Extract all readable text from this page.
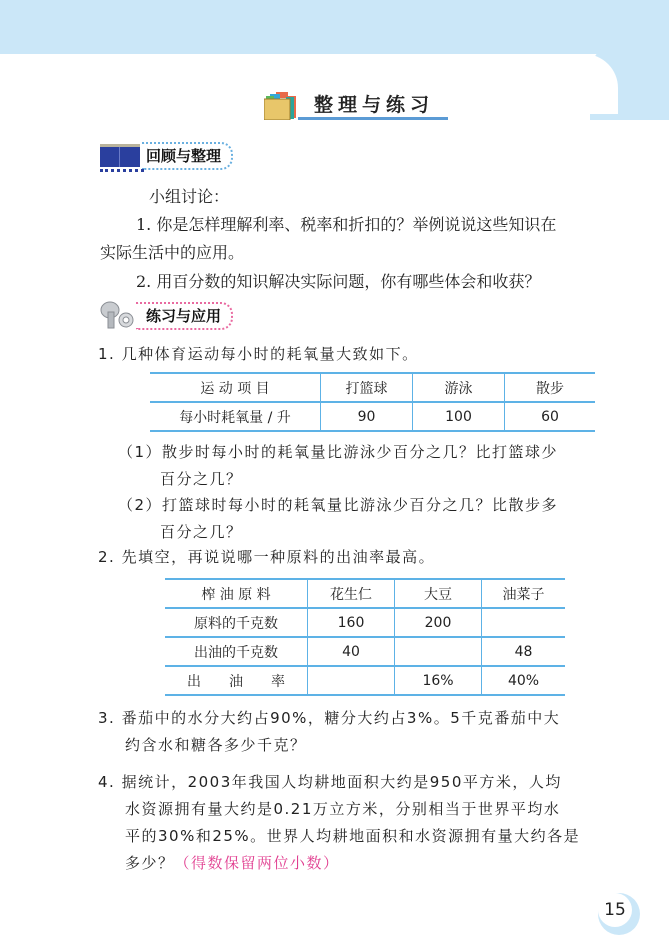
整理与练习
回顾与整理
小组讨论：
1. 你是怎样理解利率、税率和折扣的？举例说说这些知识在
实际生活中的应用。
2. 用百分数的知识解决实际问题，你有哪些体会和收获？
练习与应用
1. 几种体育运动每小时的耗氧量大致如下。
运 动 项 目	打篮球	游泳	散步
每小时耗氧量 / 升	90	100	60
（1）散步时每小时的耗氧量比游泳少百分之几？比打篮球少
百分之几？
（2）打篮球时每小时的耗氧量比游泳少百分之几？比散步多
百分之几？
2. 先填空，再说说哪一种原料的出油率最高。
榨 油 原 料	花生仁	大豆	油菜子
原料的千克数	160	200	
出油的千克数	40		48
出　　油　　率		16%	40%
3. 番茄中的水分大约占90%，糖分大约占3%。5千克番茄中大
约含水和糖各多少千克？
4. 据统计，2003年我国人均耕地面积大约是950平方米，人均
水资源拥有量大约是0.21万立方米，分别相当于世界平均水
平的30%和25%。世界人均耕地面积和水资源拥有量大约各是
多少？（得数保留两位小数）
15
